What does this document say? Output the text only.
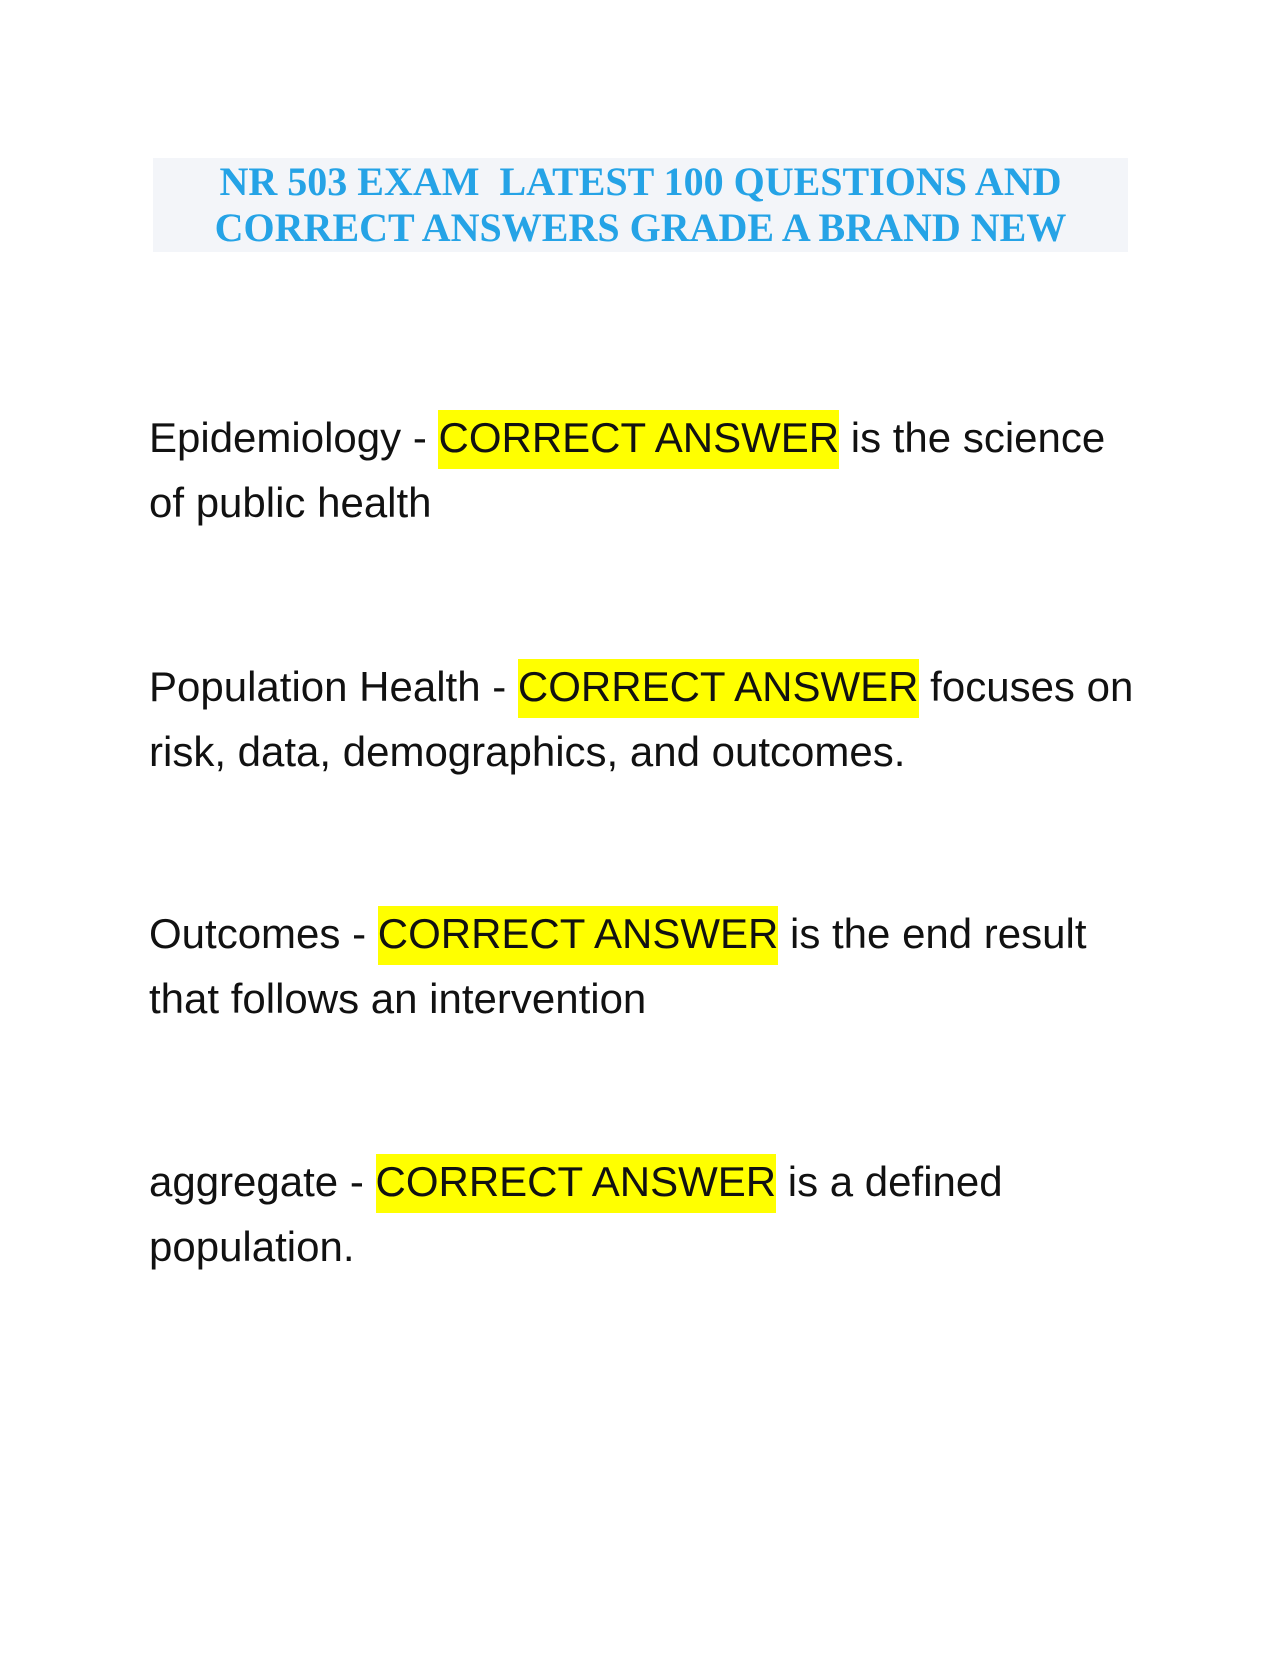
NR 503 EXAM  LATEST 100 QUESTIONS AND
CORRECT ANSWERS GRADE A BRAND NEW
Epidemiology - CORRECT ANSWER is the science
of public health
Population Health - CORRECT ANSWER focuses on
risk, data, demographics, and outcomes.
Outcomes - CORRECT ANSWER is the end result
that follows an intervention
aggregate - CORRECT ANSWER is a defined
population.
